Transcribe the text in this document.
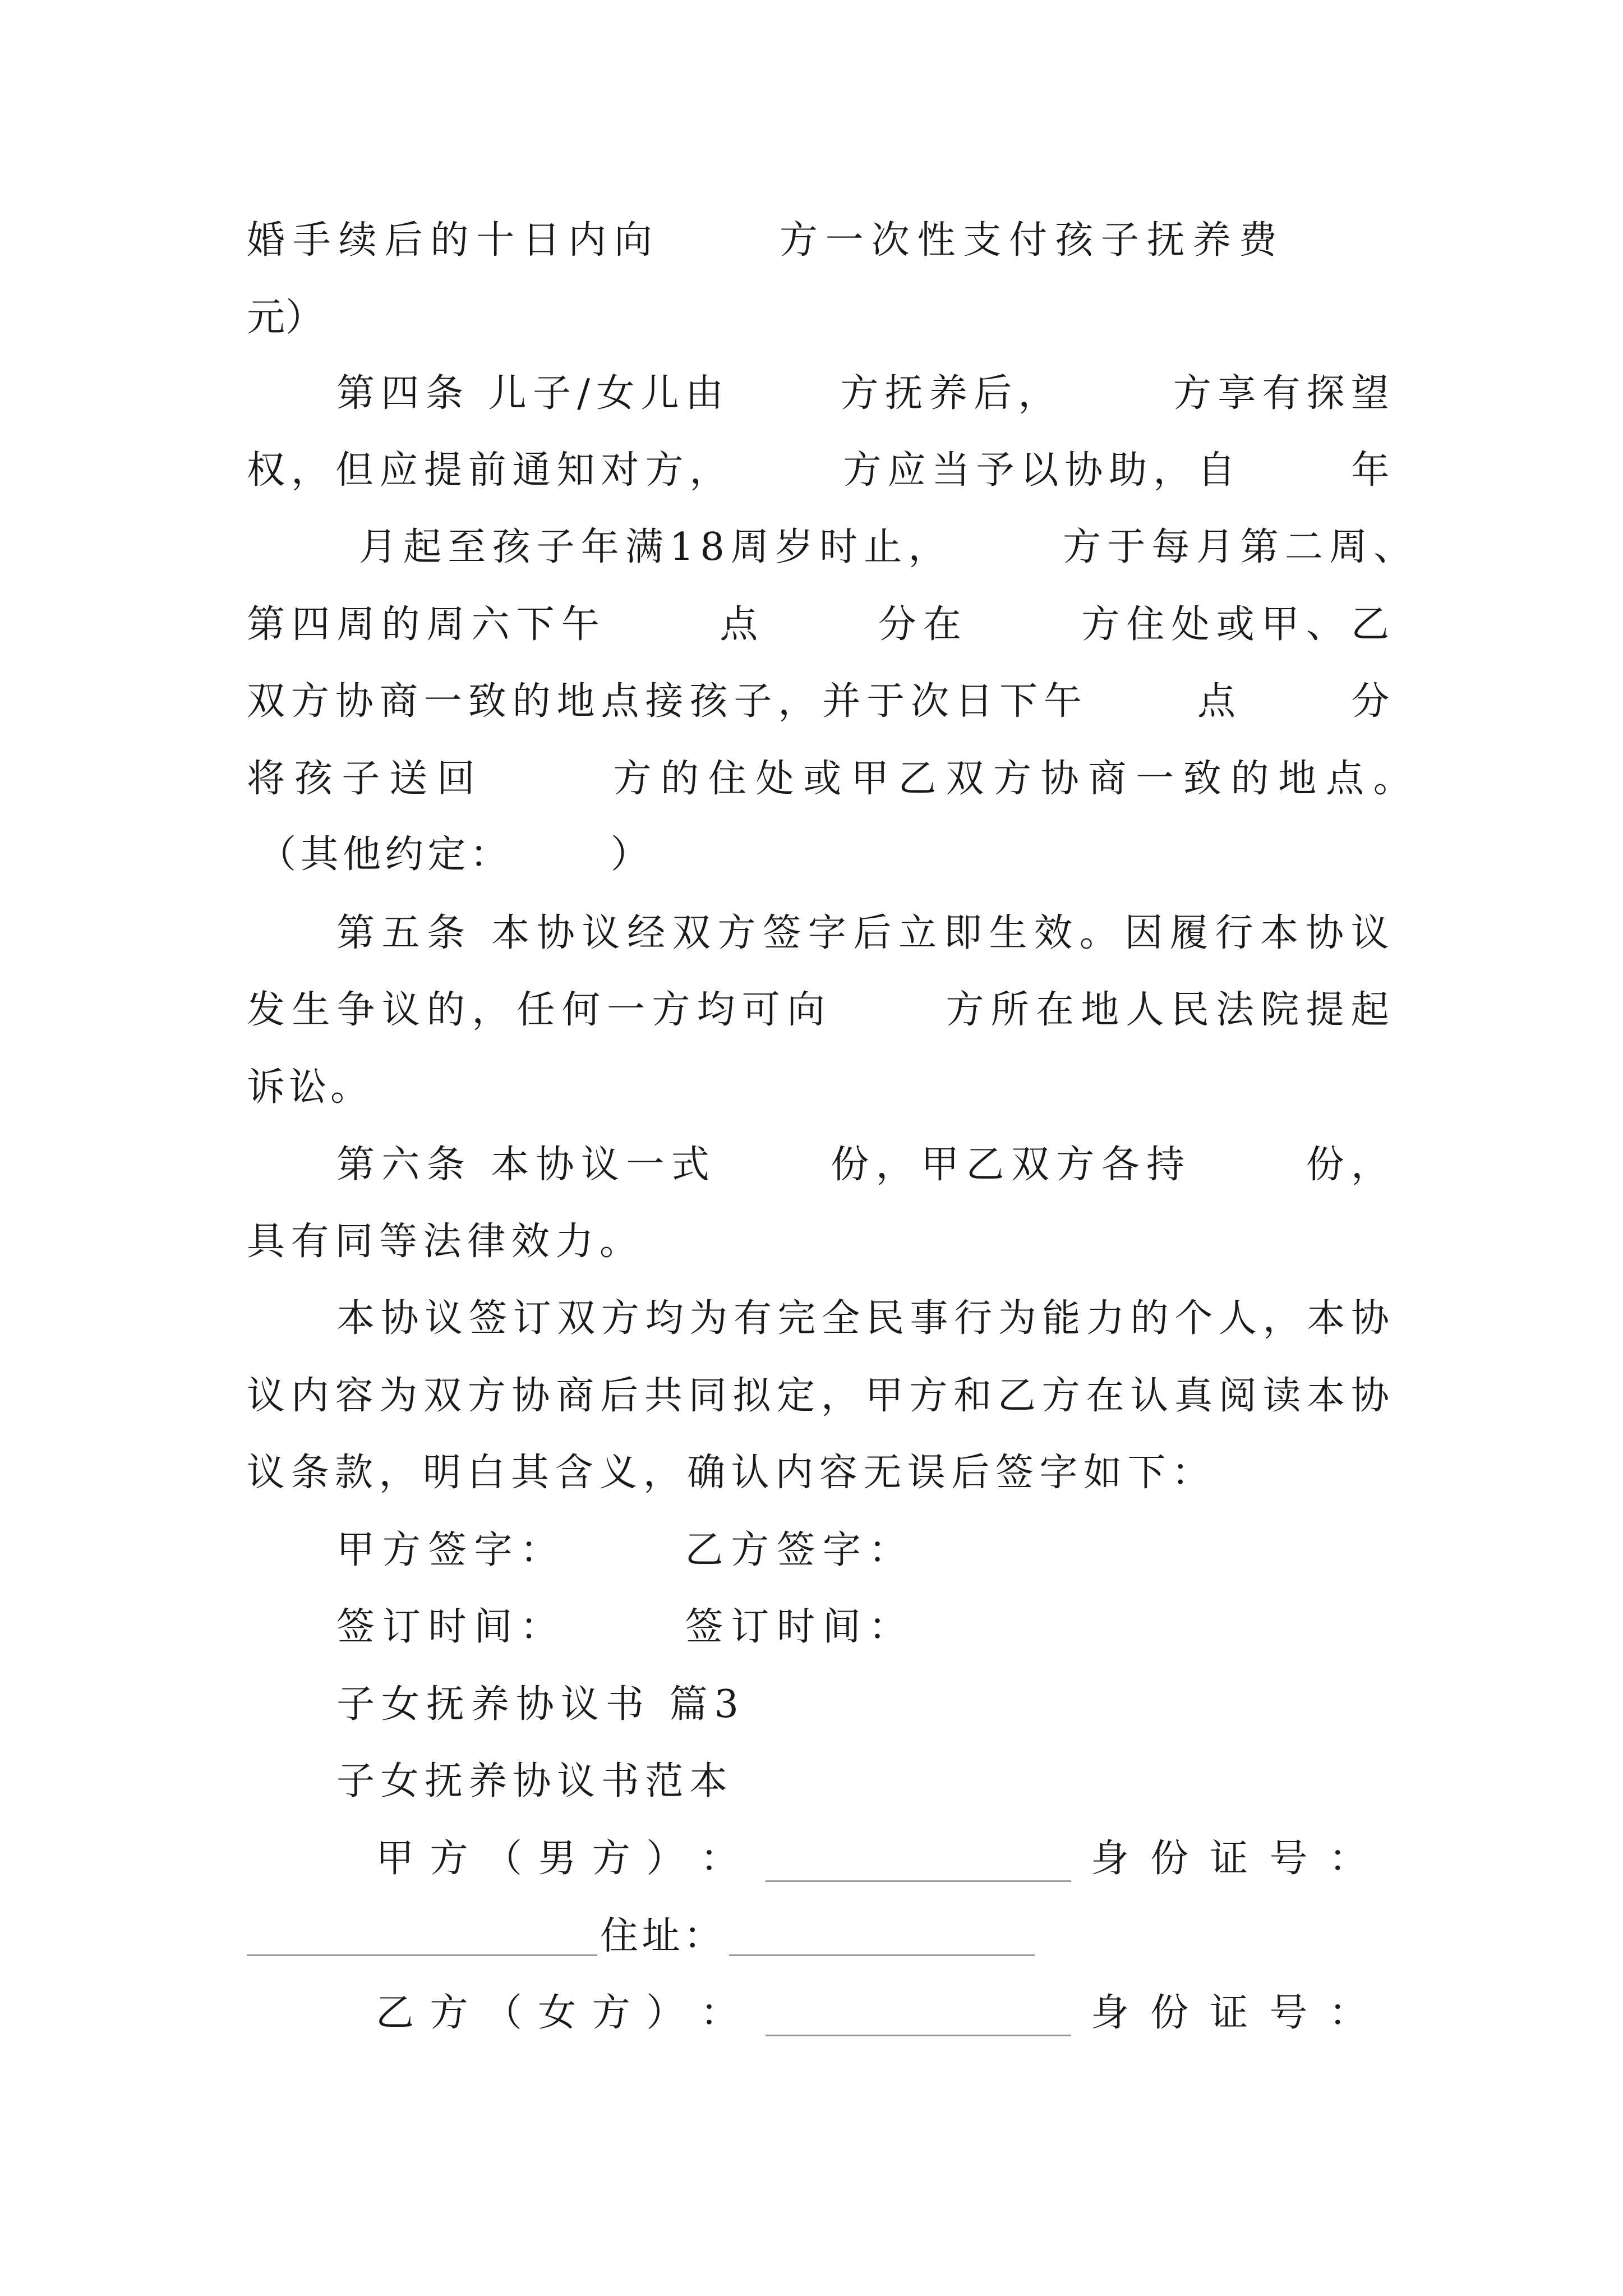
婚手续后的十日内向      方一次性支付孩子抚养费
元）
第四条 儿子/女儿由      方抚养后，      方享有探望
权，但应提前通知对方，      方应当予以协助，自      年
月起至孩子年满18周岁时止，      方于每月第二周、
第四周的周六下午      点      分在      方住处或甲、乙
双方协商一致的地点接孩子，并于次日下午      点      分
将孩子送回      方的住处或甲乙双方协商一致的地点。
（其他约定：      ）
第五条 本协议经双方签字后立即生效。因履行本协议
发生争议的，任何一方均可向      方所在地人民法院提起
诉讼。
第六条 本协议一式      份，甲乙双方各持      份，
具有同等法律效力。
本协议签订双方均为有完全民事行为能力的个人，本协
议内容为双方协商后共同拟定，甲方和乙方在认真阅读本协
议条款，明白其含义，确认内容无误后签字如下：
甲方签字：      乙方签字：
签订时间：      签订时间：
子女抚养协议书 篇3
子女抚养协议书范本
甲 方 （ 男 方 ） ：	身 份 证 号 ：
住址：
乙 方 （ 女 方 ） ：	身 份 证 号 ：
